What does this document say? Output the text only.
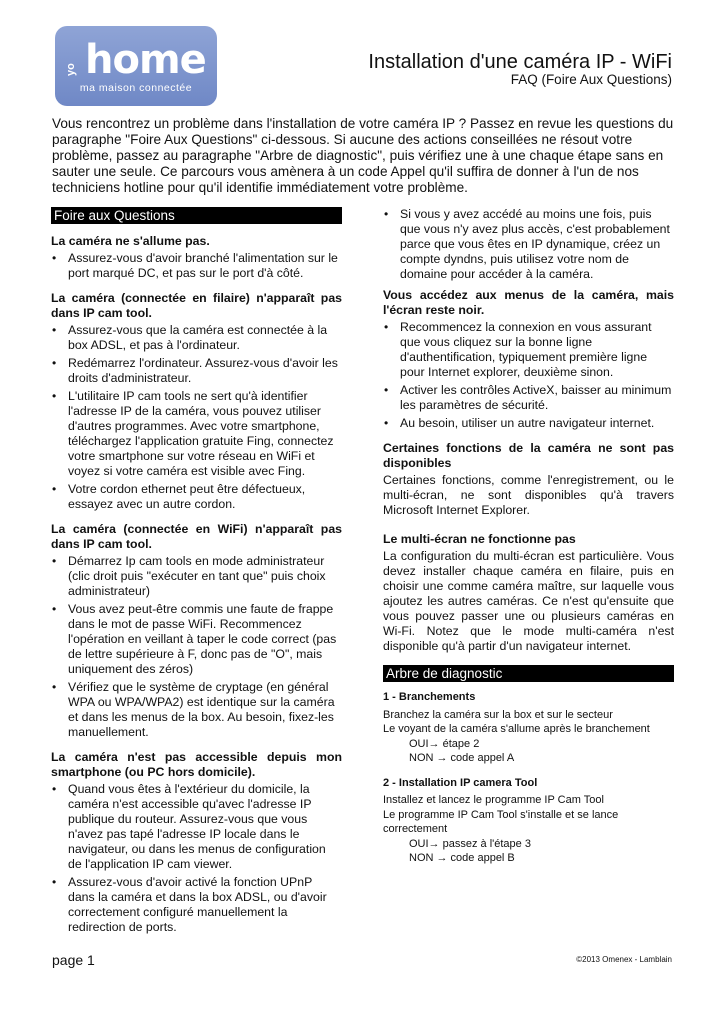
yo home
ma maison connectée
Installation d'une caméra IP - WiFi
FAQ (Foire Aux Questions)
Vous rencontrez un problème dans l'installation de votre caméra IP ? Passez en revue les questions du paragraphe "Foire Aux Questions" ci-dessous. Si aucune des actions conseillées ne résout votre problème, passez au paragraphe "Arbre de diagnostic", puis vérifiez une à une chaque étape sans en sauter une seule. Ce parcours vous amènera à un code Appel qu'il suffira de donner à l'un de nos techniciens hotline pour qu'il identifie immédiatement votre problème.
Foire aux Questions
La caméra ne s'allume pas.
• Assurez-vous d'avoir branché l'alimentation sur le port marqué DC, et pas sur le port d'à côté.
La caméra (connectée en filaire) n'apparaît pas dans IP cam tool.
• Assurez-vous que la caméra est connectée à la box ADSL, et pas à l'ordinateur.
• Redémarrez l'ordinateur. Assurez-vous d'avoir les droits d'administrateur.
• L'utilitaire IP cam tools ne sert qu'à identifier l'adresse IP de la caméra, vous pouvez utiliser d'autres programmes. Avec votre smartphone, téléchargez l'application gratuite Fing, connectez votre smartphone sur votre réseau en WiFi et voyez si votre caméra est visible avec Fing.
• Votre cordon ethernet peut être défectueux, essayez avec un autre cordon.
La caméra (connectée en WiFi) n'apparaît pas dans IP cam tool.
• Démarrez Ip cam tools en mode administrateur (clic droit puis "exécuter en tant que" puis choix administrateur)
• Vous avez peut-être commis une faute de frappe dans le mot de passe WiFi. Recommencez l'opération en veillant à taper le code correct (pas de lettre supérieure à F, donc pas de "O", mais uniquement des zéros)
• Vérifiez que le système de cryptage (en général WPA ou WPA/WPA2) est identique sur la caméra et dans les menus de la box. Au besoin, fixez-les manuellement.
La caméra n'est pas accessible depuis mon smartphone (ou PC hors domicile).
• Quand vous êtes à l'extérieur du domicile, la caméra n'est accessible qu'avec l'adresse IP publique du routeur. Assurez-vous que vous n'avez pas tapé l'adresse IP locale dans le navigateur, ou dans les menus de configuration de l'application IP cam viewer.
• Assurez-vous d'avoir activé la fonction UPnP dans la caméra et dans la box ADSL, ou d'avoir correctement configuré manuellement la redirection de ports.
• Si vous y avez accédé au moins une fois, puis que vous n'y avez plus accès, c'est probablement parce que vous êtes en IP dynamique, créez un compte dyndns, puis utilisez votre nom de domaine pour accéder à la caméra.
Vous accédez aux menus de la caméra, mais l'écran reste noir.
• Recommencez la connexion en vous assurant que vous cliquez sur la bonne ligne d'authentification, typiquement première ligne pour Internet explorer, deuxième sinon.
• Activer les contrôles ActiveX, baisser au minimum les paramètres de sécurité.
• Au besoin, utiliser un autre navigateur internet.
Certaines fonctions de la caméra ne sont pas disponibles

Certaines fonctions, comme l'enregistrement, ou le multi-écran, ne sont disponibles qu'à travers Microsoft Internet Explorer.

Le multi-écran ne fonctionne pas

La configuration du multi-écran est particulière. Vous devez installer chaque caméra en filaire, puis en choisir une comme caméra maître, sur laquelle vous ajoutez les autres caméras. Ce n'est qu'ensuite que vous pouvez passer une ou plusieurs caméras en Wi-Fi. Notez que le mode multi-caméra n'est disponible qu'à partir d'un navigateur internet.

Arbre de diagnostic
1 - Branchements
Branchez la caméra sur la box et sur le secteur
Le voyant de la caméra s'allume après le branchement
OUI→ étape 2
NON → code appel A
2 - Installation IP camera Tool
Installez et lancez le programme IP Cam Tool
Le programme IP Cam Tool s'installe et se lance correctement
OUI→ passez à l'étape 3
NON → code appel B
page 1	©2013 Omenex - Lamblain
